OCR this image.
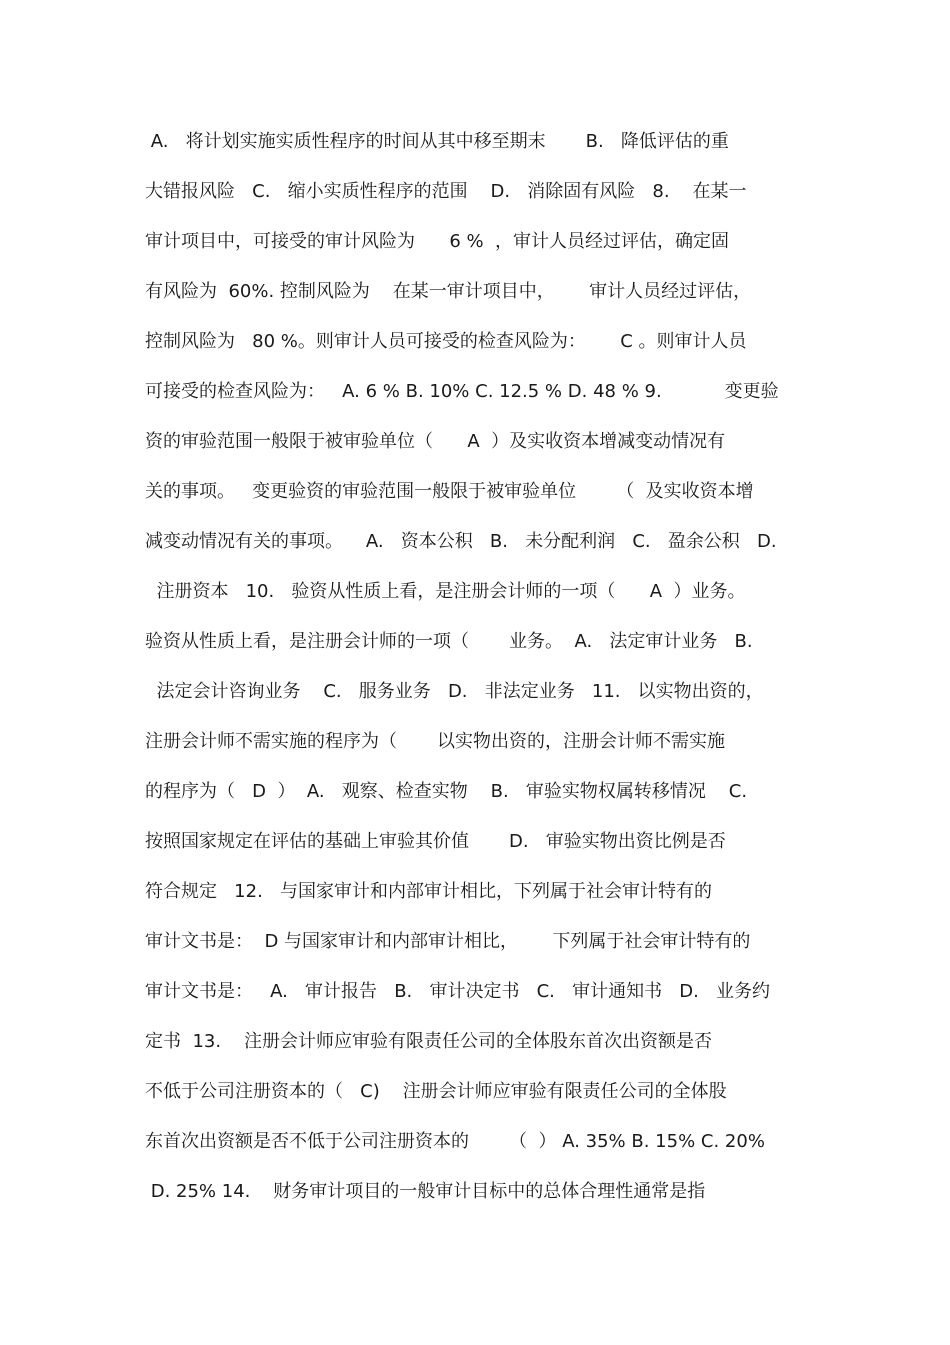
A.   将计划实施实质性程序的时间从其中移至期末       B.   降低评估的重
大错报风险   C.   缩小实质性程序的范围    D.   消除固有风险   8.    在某一
审计项目中，可接受的审计风险为      6 %  ，审计人员经过评估，确定固
有风险为  60%. 控制风险为    在某一审计项目中，      审计人员经过评估，
控制风险为   80 %。则审计人员可接受的检查风险为：      C 。则审计人员
可接受的检查风险为：   A. 6 % B. 10% C. 12.5 % D. 48 % 9.           变更验
资的审验范围一般限于被审验单位（      A  ）及实收资本增减变动情况有
关的事项。   变更验资的审验范围一般限于被审验单位       （  及实收资本增
减变动情况有关的事项。    A.   资本公积   B.   未分配利润   C.   盈余公积   D.
注册资本   10.   验资从性质上看，是注册会计师的一项（      A  ）业务。
验资从性质上看，是注册会计师的一项（       业务。  A.   法定审计业务   B.
法定会计咨询业务    C.   服务业务   D.   非法定业务   11.   以实物出资的，
注册会计师不需实施的程序为（       以实物出资的，注册会计师不需实施
的程序为（   D  ）  A.   观察、检查实物    B.   审验实物权属转移情况    C.
按照国家规定在评估的基础上审验其价值       D.   审验实物出资比例是否
符合规定   12.   与国家审计和内部审计相比，下列属于社会审计特有的
审计文书是：  D 与国家审计和内部审计相比，      下列属于社会审计特有的
审计文书是：   A.   审计报告   B.   审计决定书   C.   审计通知书   D.   业务约
定书  13.    注册会计师应审验有限责任公司的全体股东首次出资额是否
不低于公司注册资本的（   C)    注册会计师应审验有限责任公司的全体股
东首次出资额是否不低于公司注册资本的       （  ） A. 35% B. 15% C. 20%
D. 25% 14.    财务审计项目的一般审计目标中的总体合理性通常是指
